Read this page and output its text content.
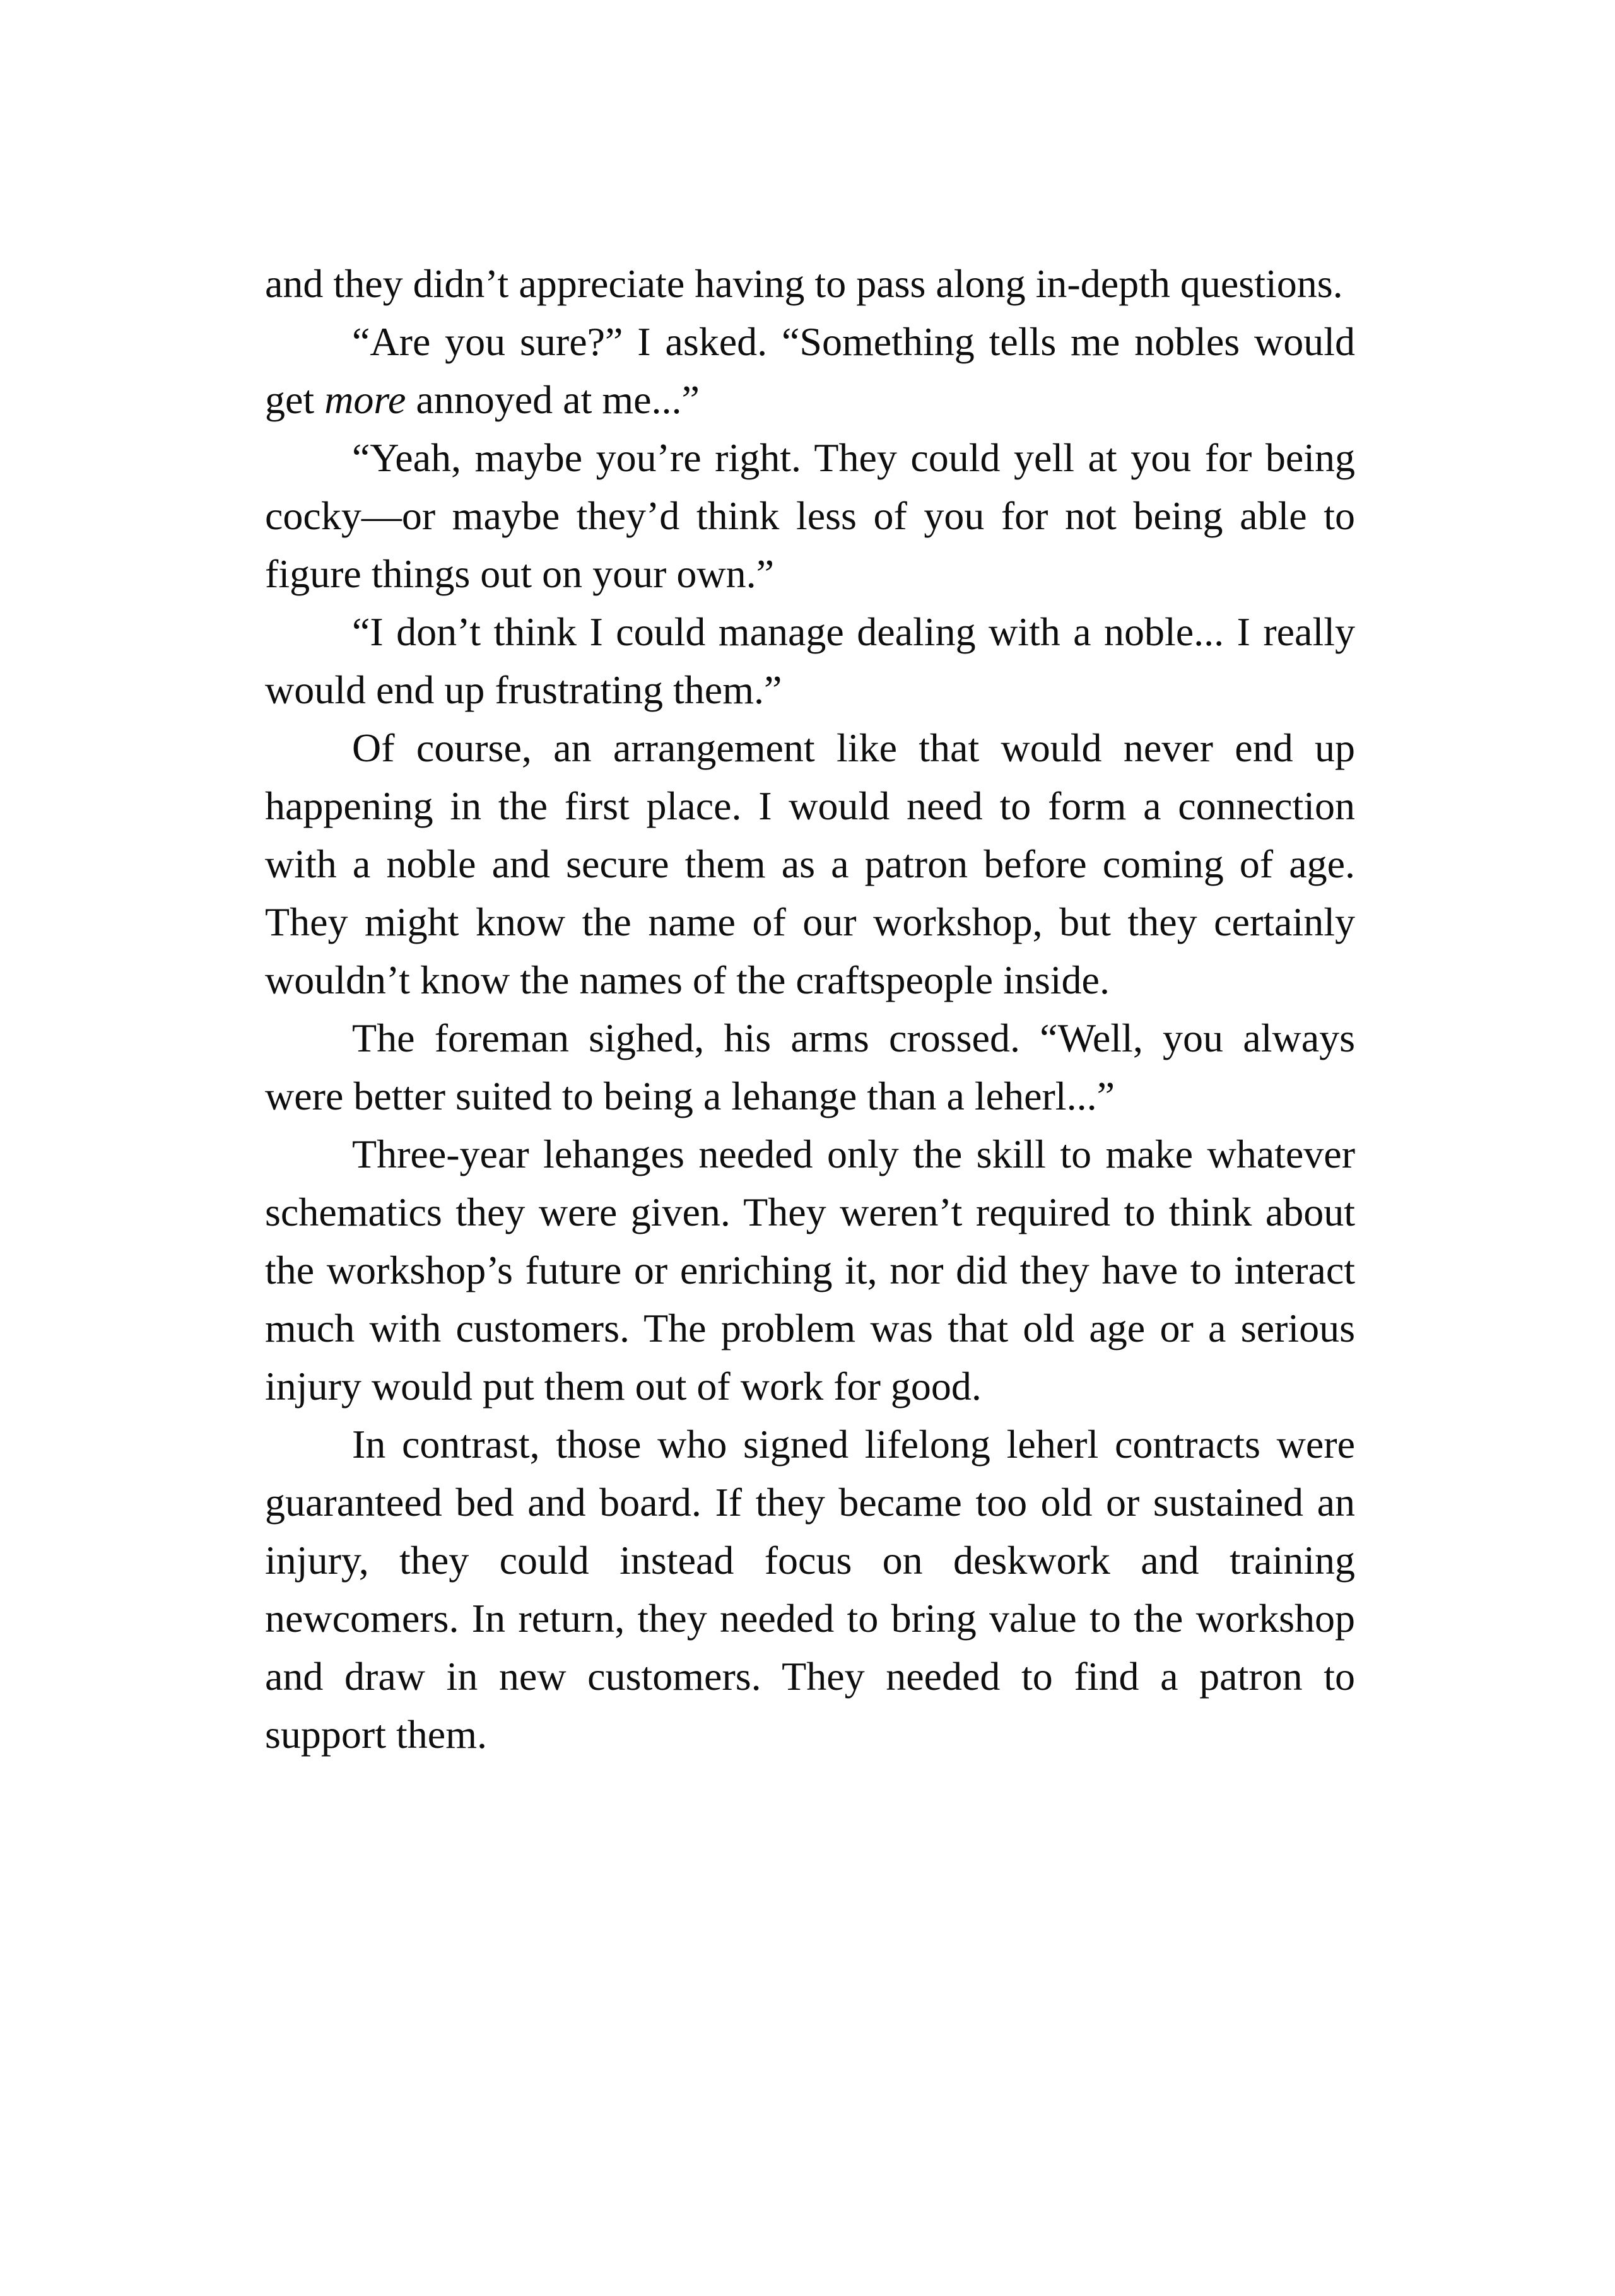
and they didn’t appreciate having to pass along in-depth questions.

“Are you sure?” I asked. “Something tells me nobles would get more annoyed at me...”

“Yeah, maybe you’re right. They could yell at you for being cocky—or maybe they’d think less of you for not being able to figure things out on your own.”

“I don’t think I could manage dealing with a noble... I really would end up frustrating them.”

Of course, an arrangement like that would never end up happening in the first place. I would need to form a connection with a noble and secure them as a patron before coming of age. They might know the name of our workshop, but they certainly wouldn’t know the names of the craftspeople inside.

The foreman sighed, his arms crossed. “Well, you always were better suited to being a lehange than a leherl...”

Three-year lehanges needed only the skill to make whatever schematics they were given. They weren’t required to think about the workshop’s future or enriching it, nor did they have to interact much with customers. The problem was that old age or a serious injury would put them out of work for good.

In contrast, those who signed lifelong leherl contracts were guaranteed bed and board. If they became too old or sustained an injury, they could instead focus on deskwork and training newcomers. In return, they needed to bring value to the workshop and draw in new customers. They needed to find a patron to support them.
